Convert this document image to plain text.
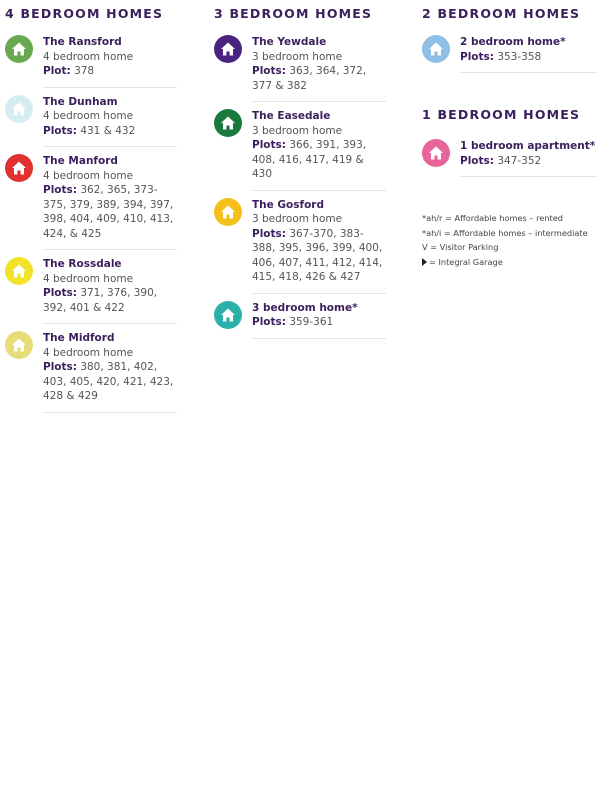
4 BEDROOM HOMES
The Ransford
4 bedroom home
Plot: 378
The Dunham
4 bedroom home
Plots: 431 & 432
The Manford
4 bedroom home
Plots: 362, 365, 373-375, 379, 389, 394, 397, 398, 404, 409, 410, 413, 424, & 425
The Rossdale
4 bedroom home
Plots: 371, 376, 390, 392, 401 & 422
The Midford
4 bedroom home
Plots: 380, 381, 402, 403, 405, 420, 421, 423, 428 & 429
3 BEDROOM HOMES
The Yewdale
3 bedroom home
Plots: 363, 364, 372, 377 & 382
The Easedale
3 bedroom home
Plots: 366, 391, 393, 408, 416, 417, 419 & 430
The Gosford
3 bedroom home
Plots: 367-370, 383-388, 395, 396, 399, 400, 406, 407, 411, 412, 414, 415, 418, 426 & 427
3 bedroom home*
Plots: 359-361
2 BEDROOM HOMES
2 bedroom home*
Plots: 353-358
1 BEDROOM HOMES
1 bedroom apartment*
Plots: 347-352
*ah/r = Affordable homes – rented
*ah/i = Affordable homes – intermediate
V = Visitor Parking
= Integral Garage
